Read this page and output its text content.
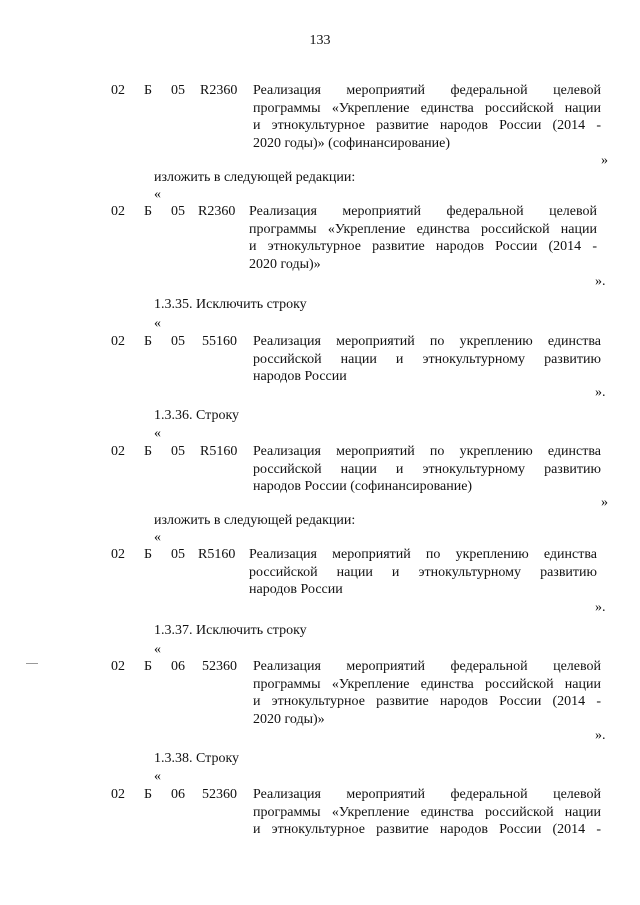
133
02 Б 05 R2360 Реализация мероприятий федеральной целевой
программы «Укрепление единства российской нации
и этнокультурное развитие народов России (2014 -
2020 годы)» (софинансирование)
»
изложить в следующей редакции:
«
02 Б 05 R2360 Реализация мероприятий федеральной целевой
программы «Укрепление единства российской нации
и этнокультурное развитие народов России (2014 -
2020 годы)»
».
1.3.35. Исключить строку
«
02 Б 05 55160 Реализация мероприятий по укреплению единства
российской нации и этнокультурному развитию
народов России
».
1.3.36. Строку
«
02 Б 05 R5160 Реализация мероприятий по укреплению единства
российской нации и этнокультурному развитию
народов России (софинансирование)
»
изложить в следующей редакции:
«
02 Б 05 R5160 Реализация мероприятий по укреплению единства
российской нации и этнокультурному развитию
народов России
».
1.3.37. Исключить строку
«
02 Б 06 52360 Реализация мероприятий федеральной целевой
программы «Укрепление единства российской нации
и этнокультурное развитие народов России (2014 -
2020 годы)»
».
1.3.38. Строку
«
02 Б 06 52360 Реализация мероприятий федеральной целевой
программы «Укрепление единства российской нации
и этнокультурное развитие народов России (2014 -
